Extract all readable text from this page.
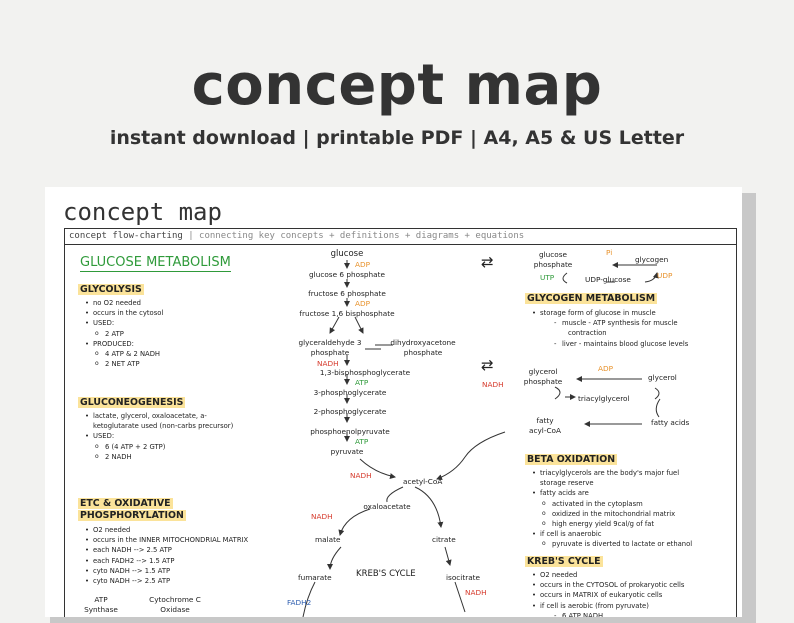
concept map
instant download | printable PDF | A4, A5 & US Letter
concept map
concept flow-charting | connecting key concepts + definitions + diagrams + equations
GLUCOSE METABOLISM
GLYCOLYSIS
• no O2 needed
• occurs in the cytosol
• USED:
o 2 ATP
• PRODUCED:
o 4 ATP & 2 NADH
o 2 NET ATP
GLUCONEOGENESIS
• lactate, glycerol, oxaloacetate, a-
ketoglutarate used (non-carbs precursor)
• USED:
o 6 (4 ATP + 2 GTP)
o 2 NADH
ETC & OXIDATIVE
PHOSPHORYLATION
• O2 needed
• occurs in the INNER MITOCHONDRIAL MATRIX
• each NADH --> 2.5 ATP
• each FADH2 --> 1.5 ATP
• cyto NADH --> 1.5 ATP
• cyto NADH --> 2.5 ATP
ATP
Synthase
Cytochrome C
Oxidase
glucose
ADP
glucose 6 phosphate
fructose 6 phosphate
ADP
fructose 1,6 bisphosphate
glyceraldehyde 3
phosphate
dihydroxyacetone
phosphate
NADH
1,3-bisphosphoglycerate
ATP
3-phosphoglycerate
2-phosphoglycerate
phosphoenolpyruvate
ATP
pyruvate
NADH
acetyl-CoA
NADH
oxaloacetate
NADH
malate	citrate
fumarate	KREB'S CYCLE	isocitrate
FADH2
NADH
⇄
⇄
glucose
phosphate
Pi
glycogen
UTP	UDP-glucose	UDP
GLYCOGEN METABOLISM
• storage form of glucose in muscle
- muscle - ATP synthesis for muscle
contraction
- liver - maintains blood glucose levels
glycerol
phosphate
ADP
glycerol
triacylglycerol
fatty
acyl-CoA
fatty acids
BETA OXIDATION
• triacylglycerols are the body's major fuel
storage reserve
• fatty acids are
o activated in the cytoplasm
o oxidized in the mitochondrial matrix
o high energy yield 9cal/g of fat
• if cell is anaerobic
o pyruvate is diverted to lactate or ethanol
KREB'S CYCLE
• O2 needed
• occurs in the CYTOSOL of prokaryotic cells
• occurs in MATRIX of eukaryotic cells
• if cell is aerobic (from pyruvate)
- 6 ATP NADH
